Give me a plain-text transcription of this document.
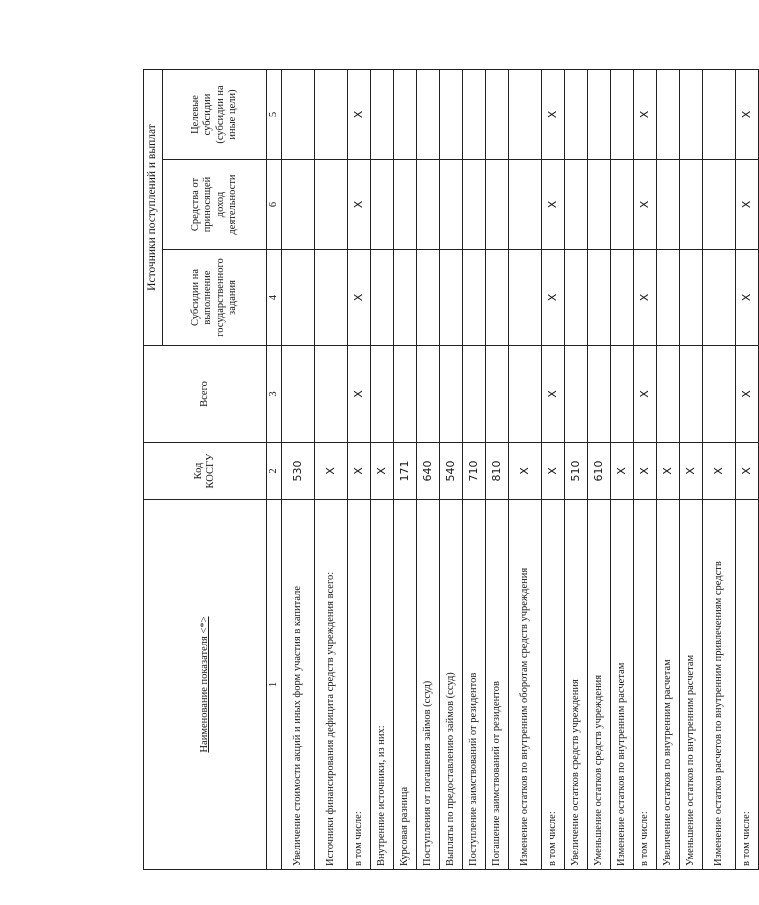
Наименование показателя <*>	Код КОСГУ	Всего	Источники поступлений и выплат		
			Субсидии на выполнение государственного задания	Средства от приносящей доход деятельности	Целевые субсидии (субсидии на иные цели)
1	2	3	4	6	5
Увеличение стоимости акций и иных форм участия в капитале	530				
Источники финансирования дефицита средств учреждения всего:	X				
в том числе:	X	X	X	X	X
Внутренние источники, из них:	X				
Курсовая разница	171				
Поступления от погашения займов (ссуд)	640				
Выплаты по предоставлению займов (ссуд)	540				
Поступление заимствований от резидентов	710				
Погашение заимствований от резидентов	810				
Изменение остатков по внутренним оборотам средств учреждения	X				
в том числе:	X	X	X	X	X
Увеличение остатков средств учреждения	510				
Уменьшение остатков средств учреждения	610				
Изменение остатков по внутренним расчетам	X				
в том числе:	X	X	X	X	X
Увеличение остатков по внутренним расчетам	X				
Уменьшение остатков по внутренним расчетам	X				
Изменение остатков расчетов по внутренним привлечениям средств	X				
в том числе:	X	X	X	X	X
